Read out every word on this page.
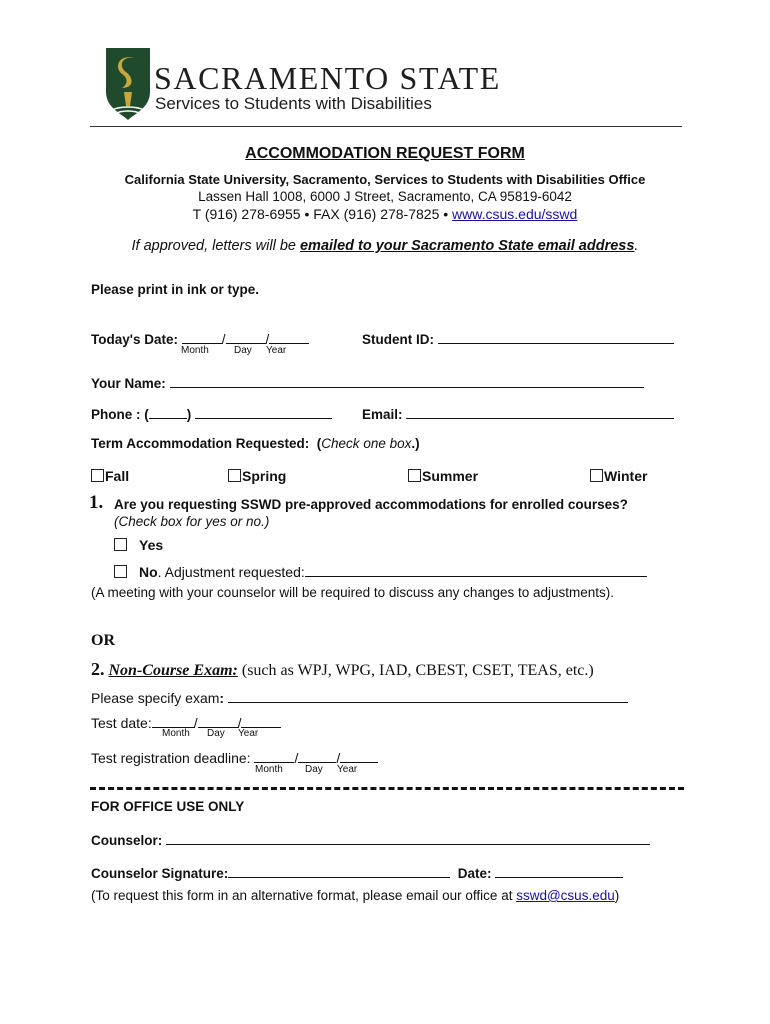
SACRAMENTO STATE
Services to Students with Disabilities
ACCOMMODATION REQUEST FORM
California State University, Sacramento, Services to Students with Disabilities Office
Lassen Hall 1008, 6000 J Street, Sacramento, CA 95819-6042
T (916) 278-6955 • FAX (916) 278-7825 • www.csus.edu/sswd
If approved, letters will be emailed to your Sacramento State email address.
Please print in ink or type.
Today's Date:	/	/
Month	Day Year
Student ID:
Your Name:
Phone : (	)	Email:
Term Accommodation Requested: (Check one box.)
Fall	Spring	Summer	Winter
1. Are you requesting SSWD pre-approved accommodations for enrolled courses?
(Check box for yes or no.)
Yes
No. Adjustment requested:
(A meeting with your counselor will be required to discuss any changes to adjustments).
OR
2. Non-Course Exam: (such as WPJ, WPG, IAD, CBEST, CSET, TEAS, etc.)
Please specify exam:
Test date:	/	/
Month Day Year
Test registration deadline:	/	/
Month Day Year
FOR OFFICE USE ONLY
Counselor:
Counselor Signature:	Date:
(To request this form in an alternative format, please email our office at sswd@csus.edu)
